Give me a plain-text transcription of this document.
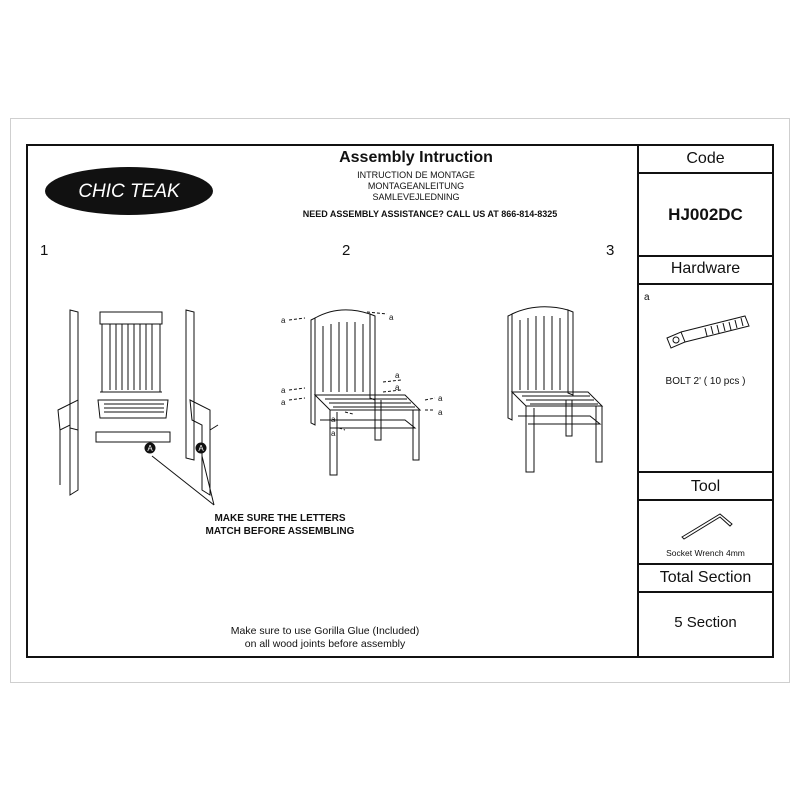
CHIC TEAK
Assembly Intruction
INTRUCTION DE MONTAGE
MONTAGEANLEITUNG
SAMLEVEJLEDNING
NEED ASSEMBLY ASSISTANCE? CALL US AT 866-814-8325
1	2	3
A	A
MAKE SURE THE LETTERS
MATCH BEFORE ASSEMBLING
a	a
a
a
a
a
a
a
a
a
Make sure to use Gorilla Glue (Included)
on all wood joints before assembly
Code
HJ002DC
Hardware
a
BOLT 2' ( 10 pcs )
Tool
Socket Wrench 4mm
Total Section
5 Section
